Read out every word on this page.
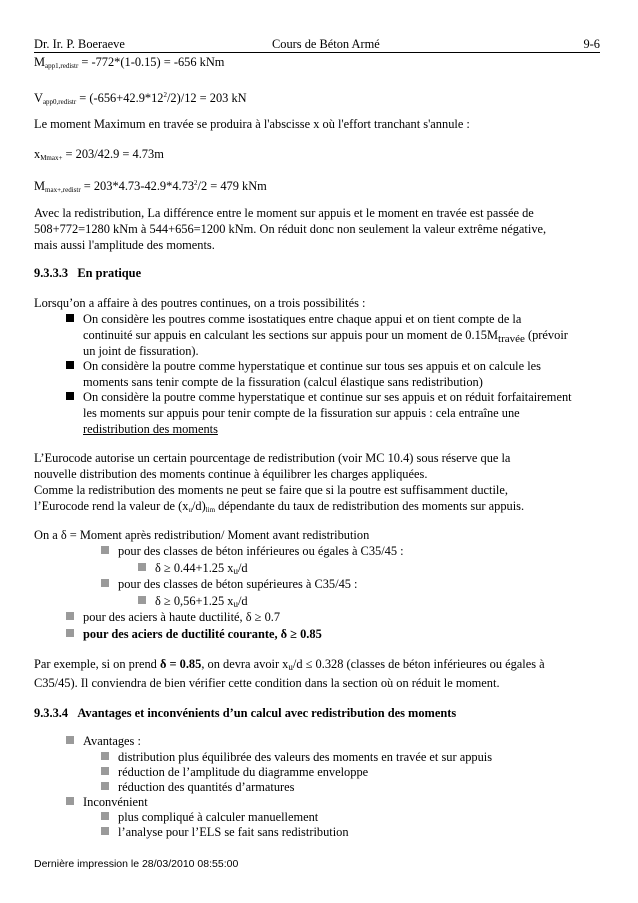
Dr. Ir. P. Boeraeve	Cours de Béton Armé	9-6
$M_{app1,redistr} = -772*(1-0.15) = -656$ kNm
$V_{app0,redistr} = (-656+42.9*12^2/2)/12 = 203$ kN
Le moment Maximum en travée se produira à l'abscisse x où l'effort tranchant s'annule :
$x_{Mmax+} = 203/42.9 = 4.73m$
$M_{max+,redistr} = 203*4.73-42.9*4.73^2/2 = 479$ kNm
Avec la redistribution, La différence entre le moment sur appuis et le moment en travée est passée de
508+772=1280 kNm à 544+656=1200 kNm. On réduit donc non seulement la valeur extrême négative,
mais aussi l'amplitude des moments.
9.3.3.3 En pratique
Lorsqu’on a affaire à des poutres continues, on a trois possibilités :
On considère les poutres comme isostatiques entre chaque appui et on tient compte de la
continuité sur appuis en calculant les sections sur appuis pour un moment de $0.15M_{travée}$ (prévoir
un joint de fissuration).
On considère la poutre comme hyperstatique et continue sur tous ses appuis et on calcule les
moments sans tenir compte de la fissuration (calcul élastique sans redistribution)
On considère la poutre comme hyperstatique et continue sur ses appuis et on réduit forfaitairement
les moments sur appuis pour tenir compte de la fissuration sur appuis : cela entraîne une
redistribution des moments
L’Eurocode autorise un certain pourcentage de redistribution (voir MC 10.4) sous réserve que la
nouvelle distribution des moments continue à équilibrer les charges appliquées.
Comme la redistribution des moments ne peut se faire que si la poutre est suffisamment ductile,
l’Eurocode rend la valeur de $(x_u/d)_{lim}$ dépendante du taux de redistribution des moments sur appuis.
On a δ = Moment après redistribution/ Moment avant redistribution
pour des classes de béton inférieures ou égales à C35/45 :
δ ≥ 0.44+1.25 $x_u/d$
pour des classes de béton supérieures à C35/45 :
δ ≥ 0,56+1.25 $x_u/d$
pour des aciers à haute ductilité, δ ≥ 0.7
pour des aciers de ductilité courante, δ ≥ 0.85
Par exemple, si on prend δ = 0.85, on devra avoir $x_u/d \le 0.328$ (classes de béton inférieures ou égales à
C35/45). Il conviendra de bien vérifier cette condition dans la section où on réduit le moment.
9.3.3.4 Avantages et inconvénients d’un calcul avec redistribution des moments
Avantages :
distribution plus équilibrée des valeurs des moments en travée et sur appuis
réduction de l’amplitude du diagramme enveloppe
réduction des quantités d’armatures
Inconvénient
plus compliqué à calculer manuellement
l’analyse pour l’ELS se fait sans redistribution
Dernière impression le 28/03/2010 08:55:00
